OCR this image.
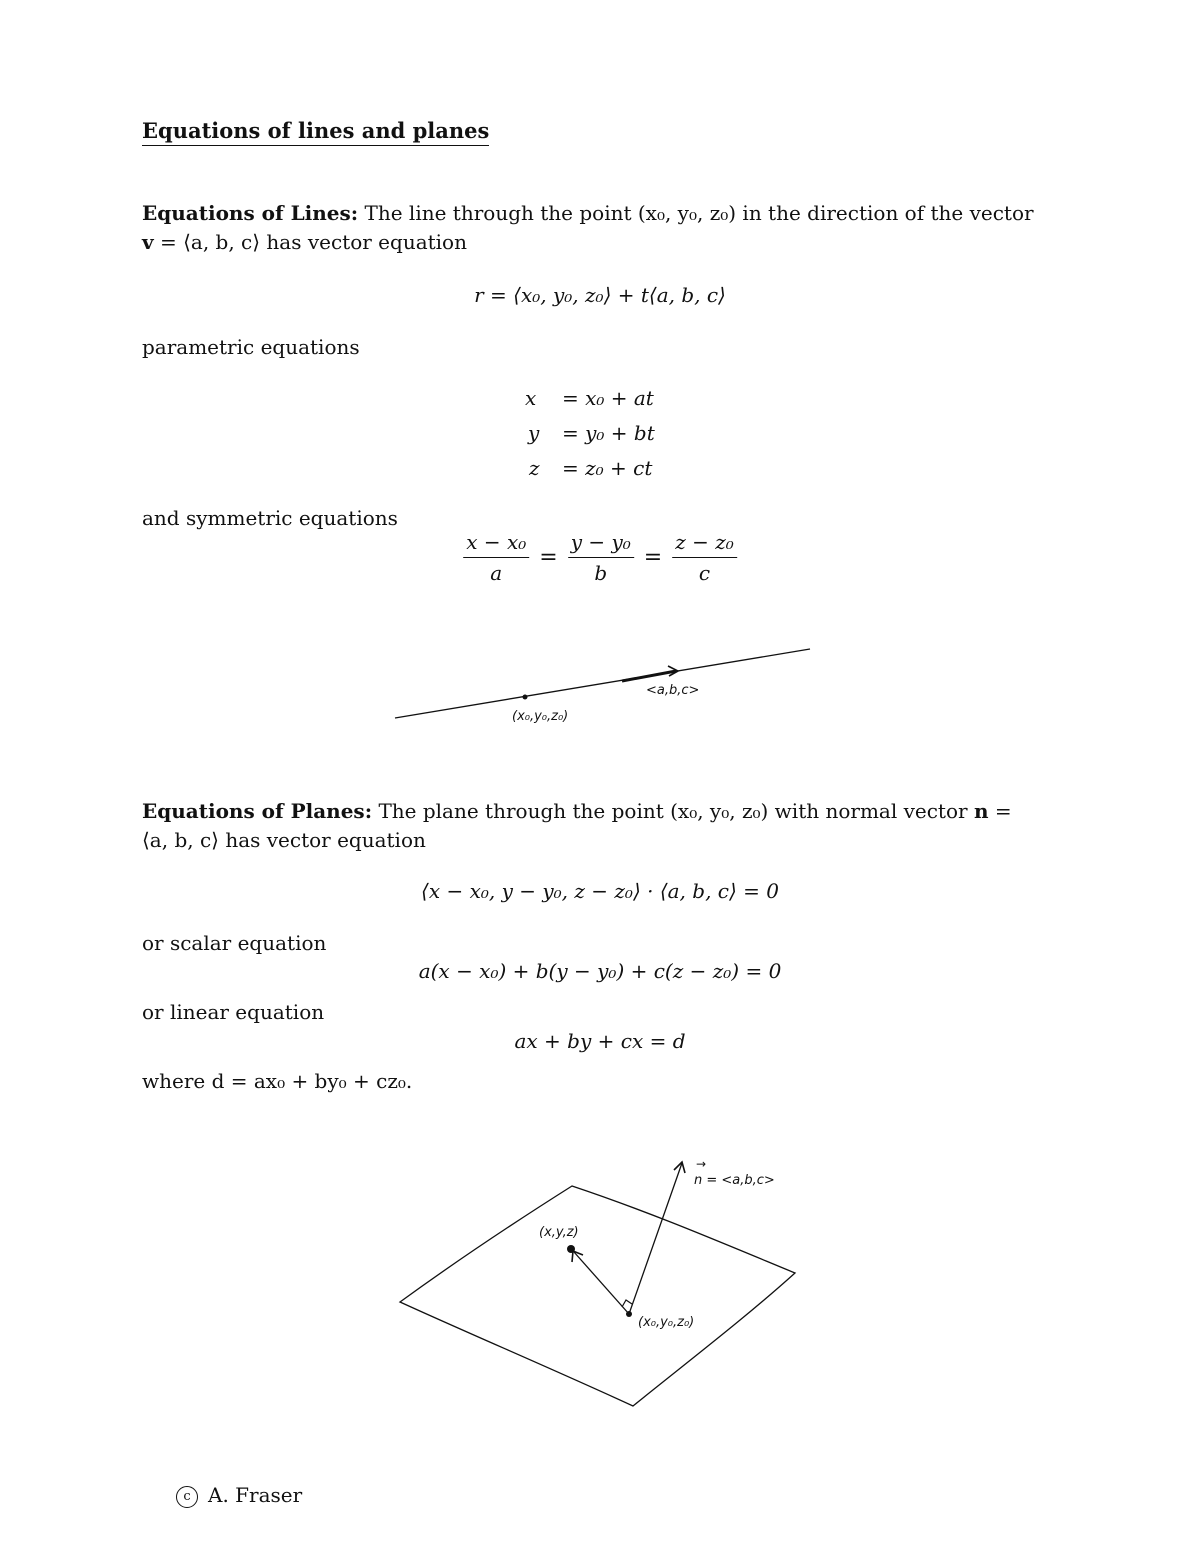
Equations of lines and planes
Equations of Lines: The line through the point (x₀, y₀, z₀) in the direction of the vector
v = ⟨a, b, c⟩ has vector equation
r = ⟨x₀, y₀, z₀⟩ + t⟨a, b, c⟩
parametric equations
x = x₀ + at
y = y₀ + bt
z = z₀ + ct
and symmetric equations
$\frac{\text{x − x₀}}{a} = \frac{\text{y − y₀}}{b} = \frac{\text{z − z₀}}{c}$
(x₀,y₀,z₀)
<a,b,c>
Equations of Planes: The plane through the point (x₀, y₀, z₀) with normal vector n =
⟨a, b, c⟩ has vector equation
⟨x − x₀, y − y₀, z − z₀⟩ · ⟨a, b, c⟩ = 0
or scalar equation
a(x − x₀) + b(y − y₀) + c(z − z₀) = 0
or linear equation
ax + by + cx = d
where d = ax₀ + by₀ + cz₀.
(x,y,z)
(x₀,y₀,z₀)
→
n = <a,b,c>
c A. Fraser
